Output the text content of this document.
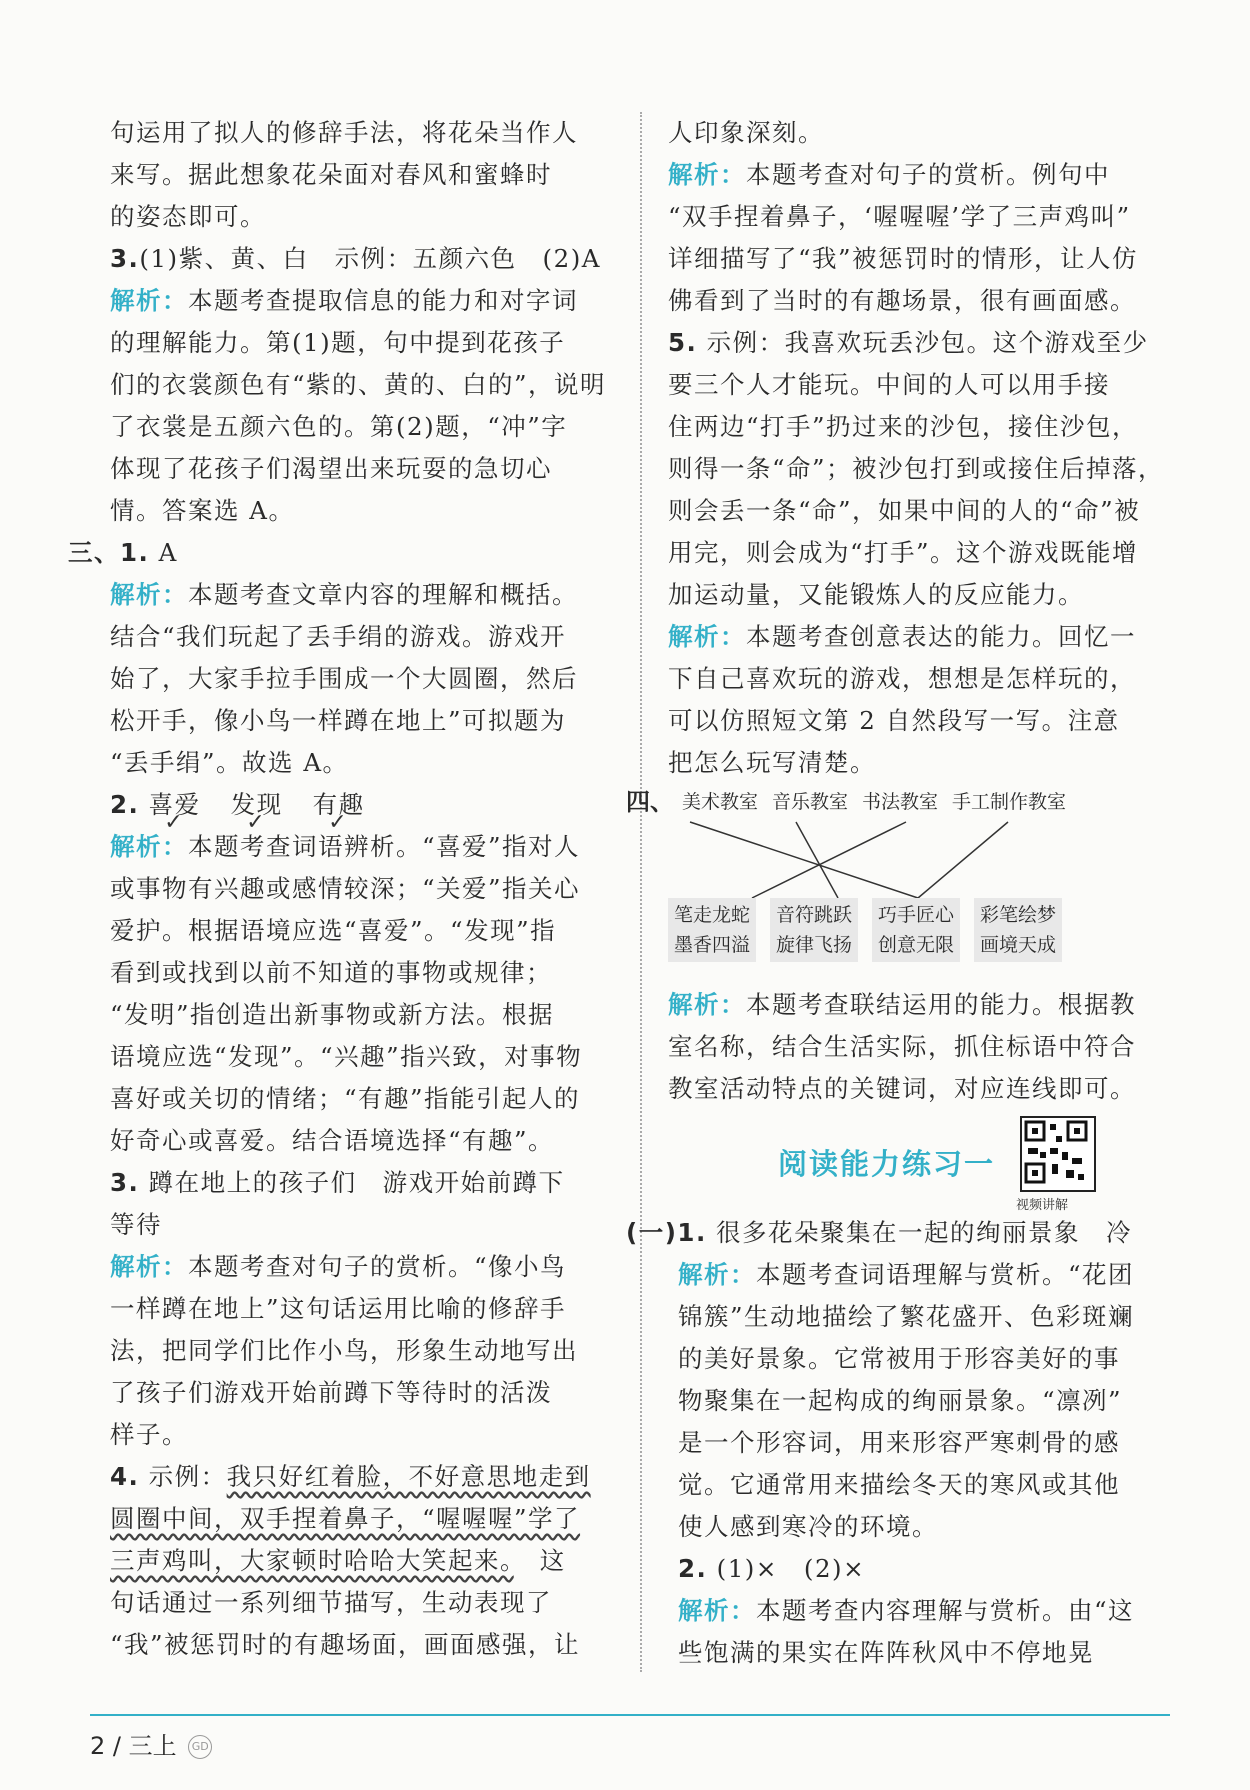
句运用了拟人的修辞手法，将花朵当作人
来写。据此想象花朵面对春风和蜜蜂时
的姿态即可。
3.(1)紫、黄、白　示例：五颜六色　(2)A
解析：本题考查提取信息的能力和对字词
的理解能力。第(1)题，句中提到花孩子
们的衣裳颜色有“紫的、黄的、白的”，说明
了衣裳是五颜六色的。第(2)题，“冲”字
体现了花孩子们渴望出来玩耍的急切心
情。答案选 A。
三、1. A
解析：本题考查文章内容的理解和概括。
结合“我们玩起了丢手绢的游戏。游戏开
始了，大家手拉手围成一个大圆圈，然后
松开手，像小鸟一样蹲在地上”可拟题为
“丢手绢”。故选 A。
2. 喜爱 ✓ 发现 ✓ 有趣 ✓
解析：本题考查词语辨析。“喜爱”指对人
或事物有兴趣或感情较深；“关爱”指关心
爱护。根据语境应选“喜爱”。“发现”指
看到或找到以前不知道的事物或规律；
“发明”指创造出新事物或新方法。根据
语境应选“发现”。“兴趣”指兴致，对事物
喜好或关切的情绪；“有趣”指能引起人的
好奇心或喜爱。结合语境选择“有趣”。
3. 蹲在地上的孩子们　游戏开始前蹲下
等待
解析：本题考查对句子的赏析。“像小鸟
一样蹲在地上”这句话运用比喻的修辞手
法，把同学们比作小鸟，形象生动地写出
了孩子们游戏开始前蹲下等待时的活泼
样子。
4. 示例：我只好红着脸，不好意思地走到
圆圈中间，双手捏着鼻子，“喔喔喔”学了
三声鸡叫，大家顿时哈哈大笑起来。　这
句话通过一系列细节描写，生动表现了
“我”被惩罚时的有趣场面，画面感强，让
人印象深刻。
解析：本题考查对句子的赏析。例句中
“双手捏着鼻子，‘喔喔喔’学了三声鸡叫”
详细描写了“我”被惩罚时的情形，让人仿
佛看到了当时的有趣场景，很有画面感。
5. 示例：我喜欢玩丢沙包。这个游戏至少
要三个人才能玩。中间的人可以用手接
住两边“打手”扔过来的沙包，接住沙包，
则得一条“命”；被沙包打到或接住后掉落，
则会丢一条“命”，如果中间的人的“命”被
用完，则会成为“打手”。这个游戏既能增
加运动量，又能锻炼人的反应能力。
解析：本题考查创意表达的能力。回忆一
下自己喜欢玩的游戏，想想是怎样玩的，
可以仿照短文第 2 自然段写一写。注意
把怎么玩写清楚。
四、 美术教室 音乐教室 书法教室 手工制作教室
笔走龙蛇
墨香四溢
音符跳跃
旋律飞扬
巧手匠心
创意无限
彩笔绘梦
画境天成
解析：本题考查联结运用的能力。根据教
室名称，结合生活实际，抓住标语中符合
教室活动特点的关键词，对应连线即可。
阅读能力练习一
视频讲解
(一)1. 很多花朵聚集在一起的绚丽景象　冷
解析：本题考查词语理解与赏析。“花团
锦簇”生动地描绘了繁花盛开、色彩斑斓
的美好景象。它常被用于形容美好的事
物聚集在一起构成的绚丽景象。“凛冽”
是一个形容词，用来形容严寒刺骨的感
觉。它通常用来描绘冬天的寒风或其他
使人感到寒冷的环境。
2. (1)×　(2)×
解析：本题考查内容理解与赏析。由“这
些饱满的果实在阵阵秋风中不停地晃
2 / 三上 GD
